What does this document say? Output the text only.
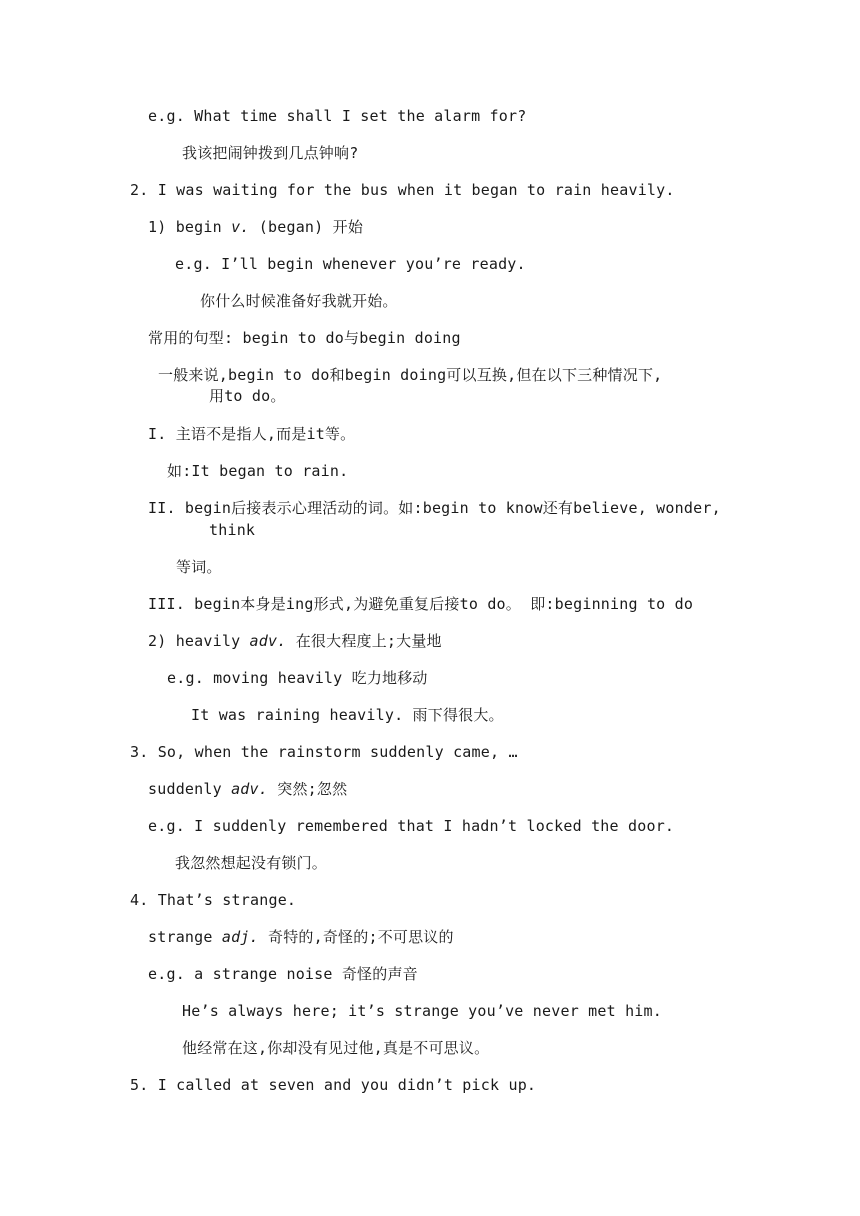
e.g. What time shall I set the alarm for?
我该把闹钟拨到几点钟响?
2. I was waiting for the bus when it began to rain heavily.
1) begin v. (began) 开始
e.g. I’ll begin whenever you’re ready.
你什么时候准备好我就开始。
常用的句型: begin to do与begin doing
一般来说,begin to do和begin doing可以互换,但在以下三种情况下,
用to do。
I. 主语不是指人,而是it等。
如:It began to rain.
II. begin后接表示心理活动的词。如:begin to know还有believe, wonder,
think
等词。
III. begin本身是ing形式,为避免重复后接to do。 即:beginning to do
2) heavily adv. 在很大程度上;大量地
e.g. moving heavily 吃力地移动
It was raining heavily. 雨下得很大。
3. So, when the rainstorm suddenly came, …
suddenly adv. 突然;忽然
e.g. I suddenly remembered that I hadn’t locked the door.
我忽然想起没有锁门。
4. That’s strange.
strange adj. 奇特的,奇怪的;不可思议的
e.g. a strange noise 奇怪的声音
He’s always here; it’s strange you’ve never met him.
他经常在这,你却没有见过他,真是不可思议。
5. I called at seven and you didn’t pick up.
